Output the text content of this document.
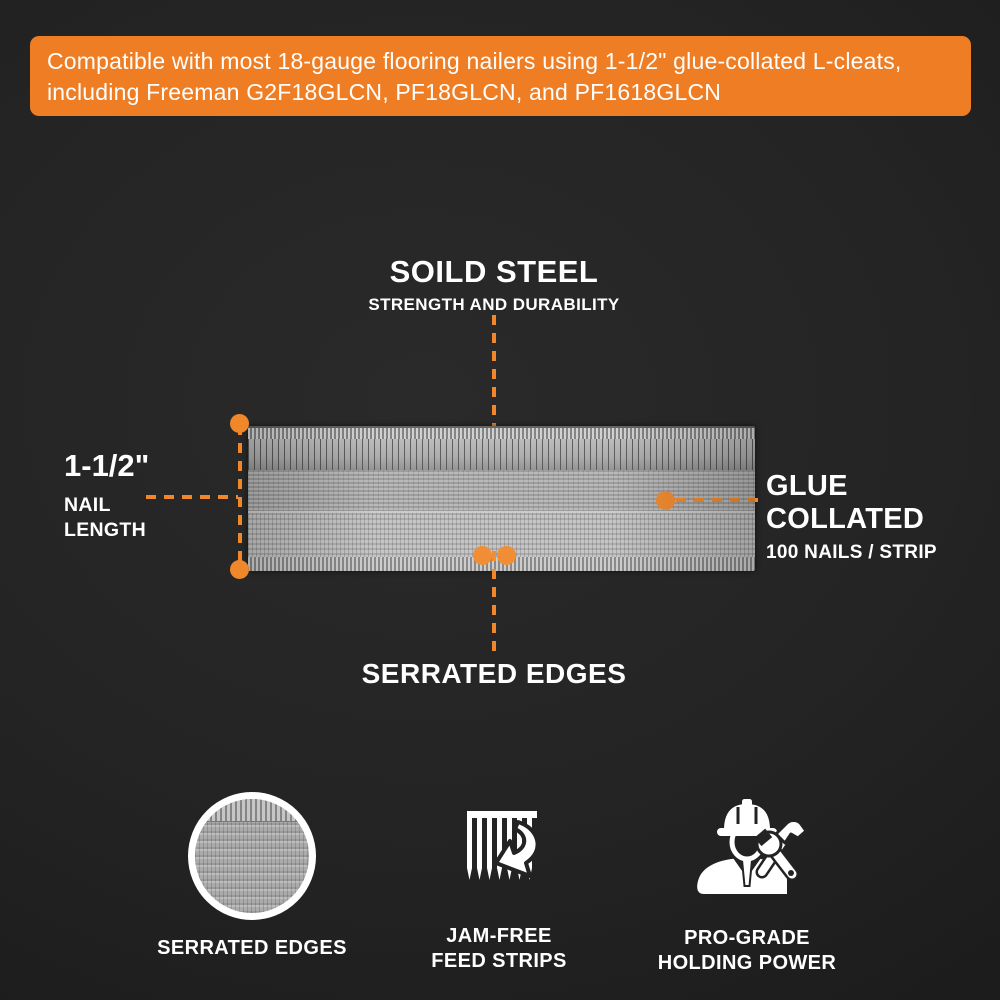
Compatible with most 18-gauge flooring nailers using 1-1/2" glue-collated L-cleats, including Freeman G2F18GLCN, PF18GLCN, and PF1618GLCN
SOILD STEEL
STRENGTH AND DURABILITY
1-1/2"
NAIL
LENGTH
GLUE COLLATED
100 NAILS / STRIP
SERRATED EDGES
SERRATED EDGES
JAM-FREE
FEED STRIPS
PRO-GRADE
HOLDING POWER
